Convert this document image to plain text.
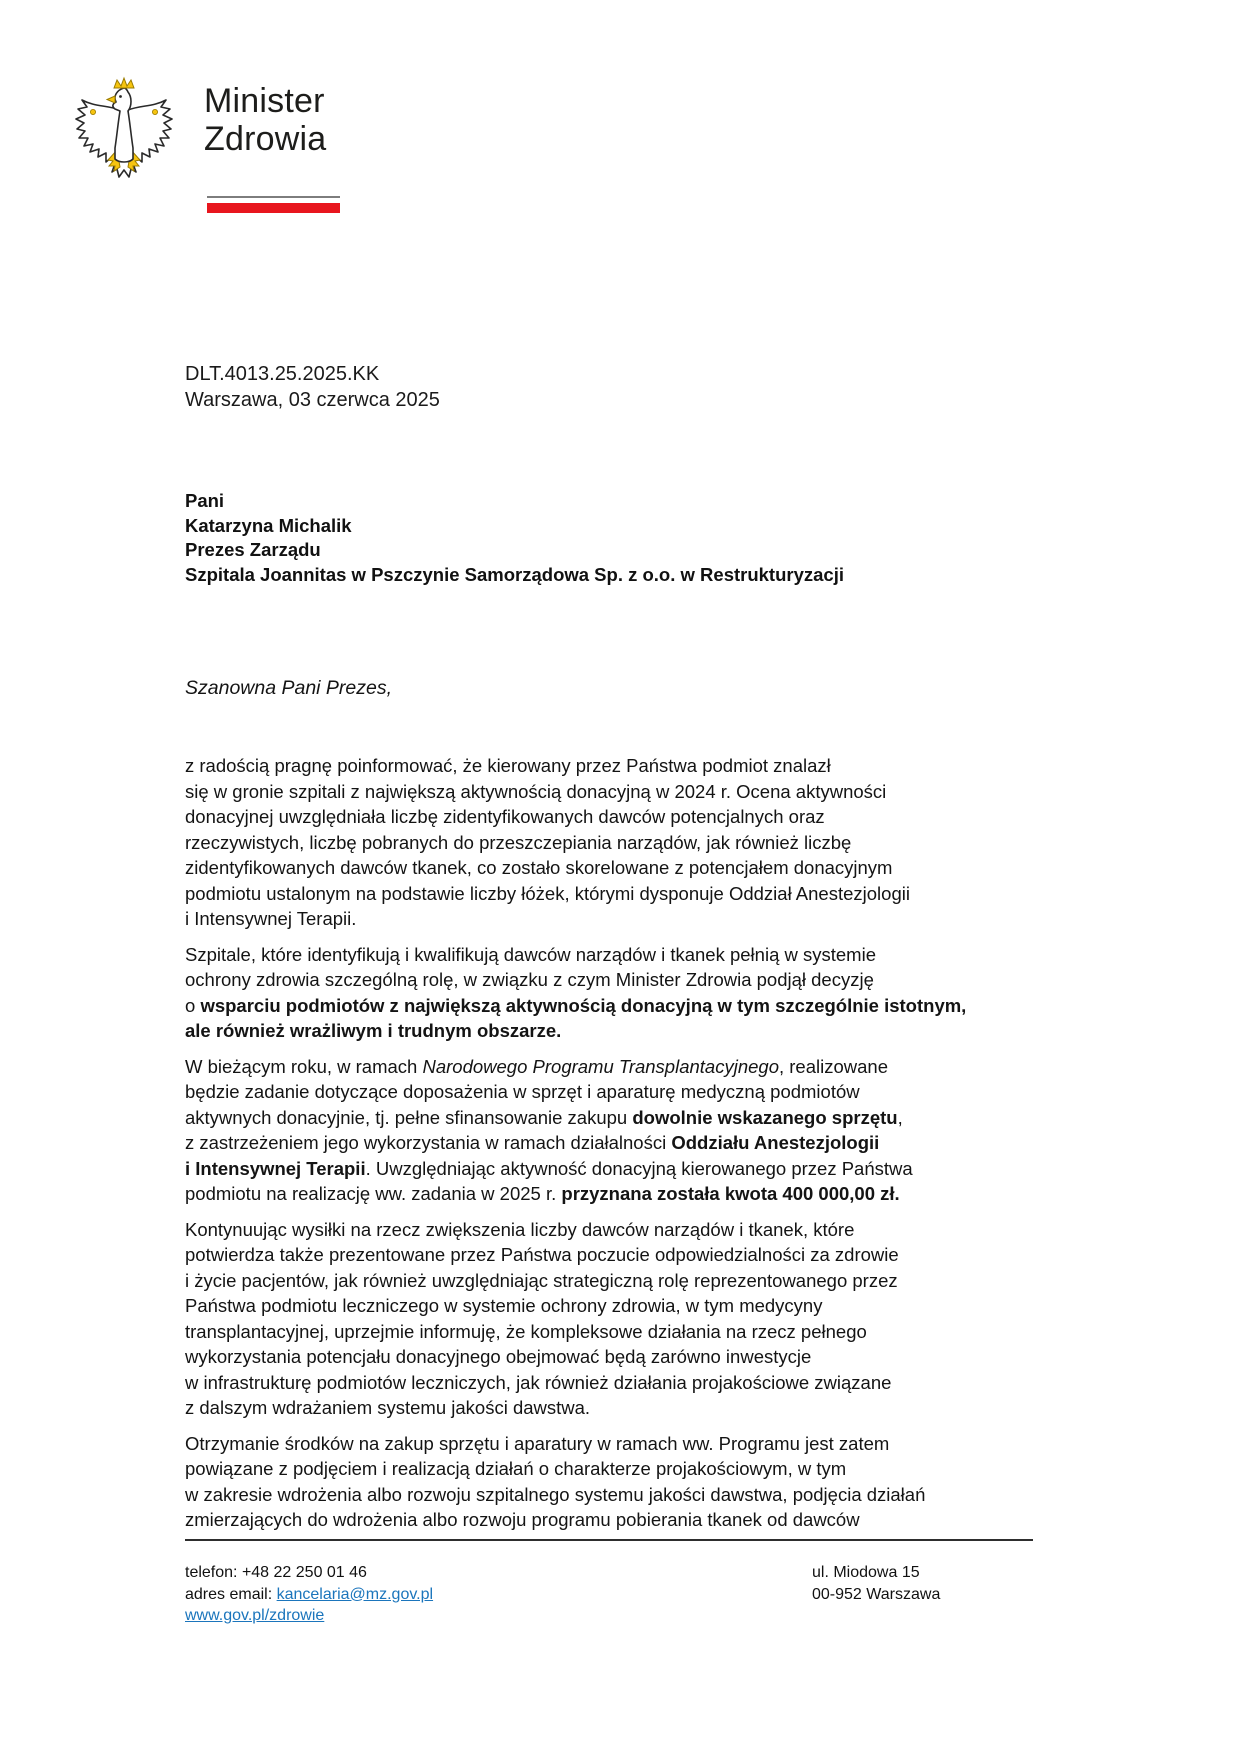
Minister
Zdrowia
DLT.4013.25.2025.KK
Warszawa, 03 czerwca 2025
Pani
Katarzyna Michalik
Prezes Zarządu
Szpitala Joannitas w Pszczynie Samorządowa Sp. z o.o. w Restrukturyzacji
Szanowna Pani Prezes,

z radością pragnę poinformować, że kierowany przez Państwa podmiot znalazł
się w gronie szpitali z największą aktywnością donacyjną w 2024 r. Ocena aktywności
donacyjnej uwzględniała liczbę zidentyfikowanych dawców potencjalnych oraz
rzeczywistych, liczbę pobranych do przeszczepiania narządów, jak również liczbę
zidentyfikowanych dawców tkanek, co zostało skorelowane z potencjałem donacyjnym
podmiotu ustalonym na podstawie liczby łóżek, którymi dysponuje Oddział Anestezjologii
i Intensywnej Terapii.

Szpitale, które identyfikują i kwalifikują dawców narządów i tkanek pełnią w systemie
ochrony zdrowia szczególną rolę, w związku z czym Minister Zdrowia podjął decyzję
o wsparciu podmiotów z największą aktywnością donacyjną w tym szczególnie istotnym,
ale również wrażliwym i trudnym obszarze.

W bieżącym roku, w ramach Narodowego Programu Transplantacyjnego, realizowane
będzie zadanie dotyczące doposażenia w sprzęt i aparaturę medyczną podmiotów
aktywnych donacyjnie, tj. pełne sfinansowanie zakupu dowolnie wskazanego sprzętu,
z zastrzeżeniem jego wykorzystania w ramach działalności Oddziału Anestezjologii
i Intensywnej Terapii. Uwzględniając aktywność donacyjną kierowanego przez Państwa
podmiotu na realizację ww. zadania w 2025 r. przyznana została kwota 400 000,00 zł.

Kontynuując wysiłki na rzecz zwiększenia liczby dawców narządów i tkanek, które
potwierdza także prezentowane przez Państwa poczucie odpowiedzialności za zdrowie
i życie pacjentów, jak również uwzględniając strategiczną rolę reprezentowanego przez
Państwa podmiotu leczniczego w systemie ochrony zdrowia, w tym medycyny
transplantacyjnej, uprzejmie informuję, że kompleksowe działania na rzecz pełnego
wykorzystania potencjału donacyjnego obejmować będą zarówno inwestycje
w infrastrukturę podmiotów leczniczych, jak również działania projakościowe związane
z dalszym wdrażaniem systemu jakości dawstwa.

Otrzymanie środków na zakup sprzętu i aparatury w ramach ww. Programu jest zatem
powiązane z podjęciem i realizacją działań o charakterze projakościowym, w tym
w zakresie wdrożenia albo rozwoju szpitalnego systemu jakości dawstwa, podjęcia działań
zmierzających do wdrożenia albo rozwoju programu pobierania tkanek od dawców

telefon: +48 22 250 01 46
adres email: kancelaria@mz.gov.pl
www.gov.pl/zdrowie
ul. Miodowa 15
00-952 Warszawa
